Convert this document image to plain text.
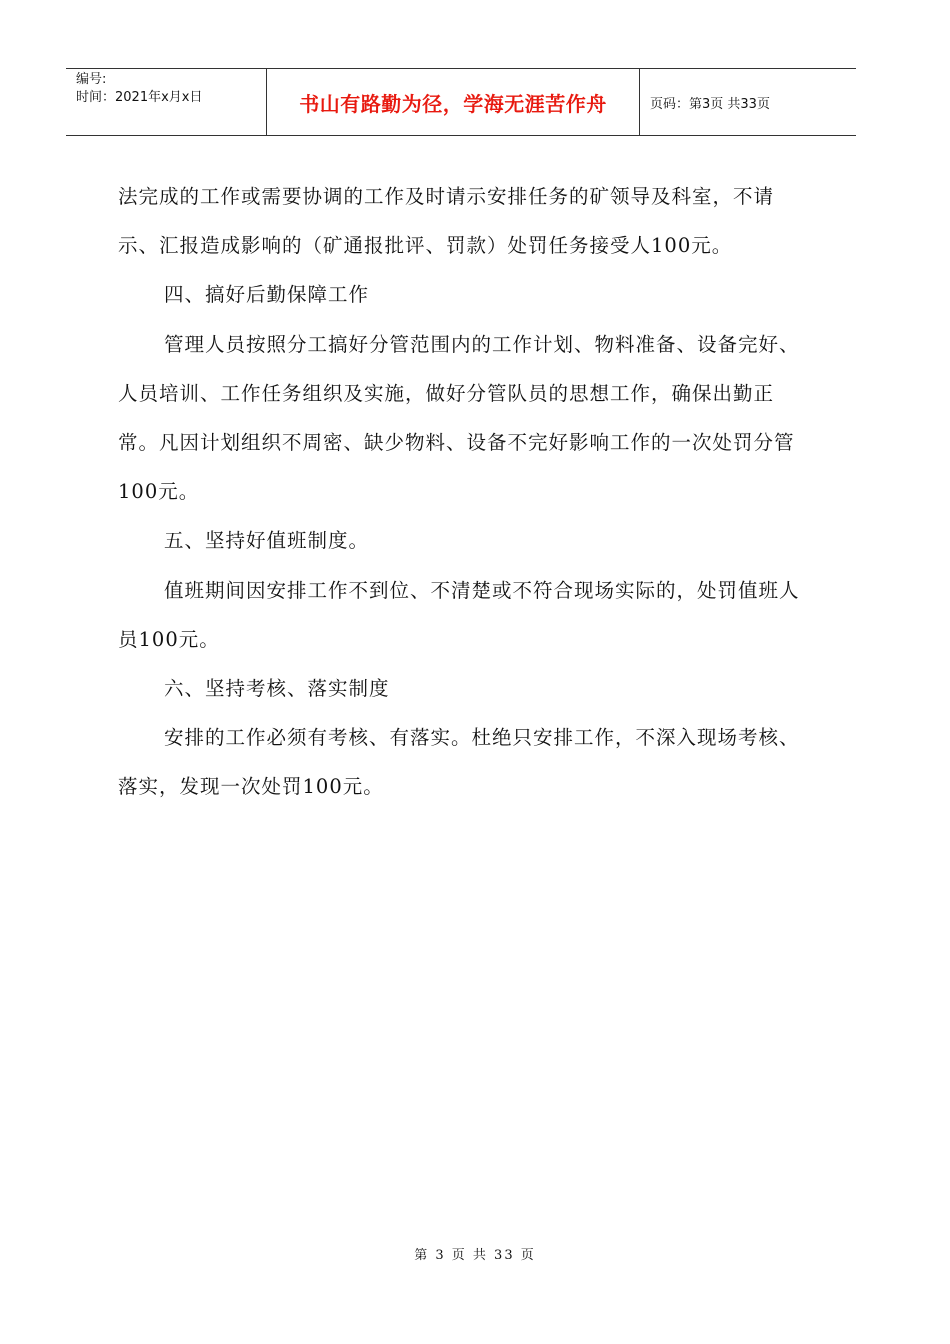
编号:
时间：2021年x月x日	书山有路勤为径，学海无涯苦作舟	页码：第3页 共33页

法完成的工作或需要协调的工作及时请示安排任务的矿领导及科室，不请示、汇报造成影响的（矿通报批评、罚款）处罚任务接受人100元。

四、搞好后勤保障工作

管理人员按照分工搞好分管范围内的工作计划、物料准备、设备完好、人员培训、工作任务组织及实施，做好分管队员的思想工作，确保出勤正常。凡因计划组织不周密、缺少物料、设备不完好影响工作的一次处罚分管100元。

五、坚持好值班制度。

值班期间因安排工作不到位、不清楚或不符合现场实际的，处罚值班人员100元。

六、坚持考核、落实制度

安排的工作必须有考核、有落实。杜绝只安排工作，不深入现场考核、落实，发现一次处罚100元。

第 3 页 共 33 页
